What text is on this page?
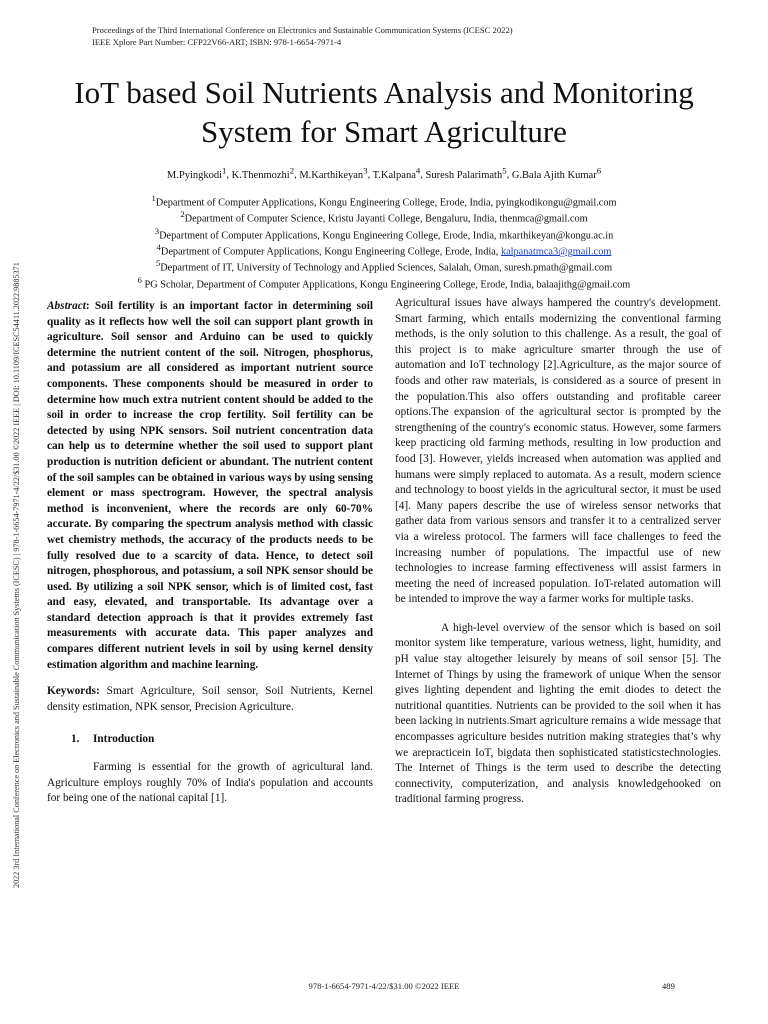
Proceedings of the Third International Conference on Electronics and Sustainable Communication Systems (ICESC 2022)
IEEE Xplore Part Number: CFP22V66-ART; ISBN: 978-1-6654-7971-4
2022 3rd International Conference on Electronics and Sustainable Communication Systems (ICESC) | 978-1-6654-7971-4/22/$31.00 ©2022 IEEE | DOI: 10.1109/ICESC54411.2022.9885371
IoT based Soil Nutrients Analysis and Monitoring
System for Smart Agriculture
M.Pyingkodi$^1$, K.Thenmozhi$^2$, M.Karthikeyan$^3$, T.Kalpana$^4$, Suresh Palarimath$^5$, G.Bala Ajith Kumar$^6$
$^1$Department of Computer Applications, Kongu Engineering College, Erode, India, pyingkodikongu@gmail.com
$^2$Department of Computer Science, Kristu Jayanti College, Bengaluru, India, thenmca@gmail.com
$^3$Department of Computer Applications, Kongu Engineering College, Erode, India, mkarthikeyan@kongu.ac.in
$^4$Department of Computer Applications, Kongu Engineering College, Erode, India, kalpanatmca3@gmail.com
$^5$Department of IT, University of Technology and Applied Sciences, Salalah, Oman, suresh.pmath@gmail.com
$^6$ PG Scholar, Department of Computer Applications, Kongu Engineering College, Erode, India, balaajithg@gmail.com

Abstract: Soil fertility is an important factor in determining soil quality as it reflects how well the soil can support plant growth in agriculture. Soil sensor and Arduino can be used to quickly determine the nutrient content of the soil. Nitrogen, phosphorus, and potassium are all considered as important nutrient source components. These components should be measured in order to determine how much extra nutrient content should be added to the soil in order to increase the crop fertility. Soil fertility can be detected by using NPK sensors. Soil nutrient concentration data can help us to determine whether the soil used to support plant production is nutrition deficient or abundant. The nutrient content of the soil samples can be obtained in various ways by using sensing element or mass spectrogram. However, the spectral analysis method is inconvenient, where the records are only 60-70% accurate. By comparing the spectrum analysis method with classic wet chemistry methods, the accuracy of the products needs to be fully resolved due to a scarcity of data. Hence, to detect soil nitrogen, phosphorous, and potassium, a soil NPK sensor should be used. By utilizing a soil NPK sensor, which is of limited cost, fast and easy, elevated, and transportable. Its advantage over a standard detection approach is that it provides extremely fast measurements with accurate data. This paper analyzes and compares different nutrient levels in soil by using kernel density estimation algorithm and machine learning.

Keywords: Smart Agriculture, Soil sensor, Soil Nutrients, Kernel density estimation, NPK sensor, Precision Agriculture.

1. Introduction

Farming is essential for the growth of agricultural land. Agriculture employs roughly 70% of India's population and accounts for being one of the national capital [1].

Agricultural issues have always hampered the country's development. Smart farming, which entails modernizing the conventional farming methods, is the only solution to this challenge. As a result, the goal of this project is to make agriculture smarter through the use of automation and IoT technology [2].Agriculture, as the major source of foods and other raw materials, is considered as a source of present in the population.This also offers outstanding and profitable career options.The expansion of the agricultural sector is prompted by the strengthening of the country's economic status. However, some farmers keep practicing old farming methods, resulting in low production and food [3]. However, yields increased when automation was applied and humans were simply replaced to automata. As a result, modern science and technology to boost yields in the agricultural sector, it must be used [4]. Many papers describe the use of wireless sensor networks that gather data from various sensors and transfer it to a centralized server via a wireless protocol. The farmers will face challenges to feed the increasing number of populations. The impactful use of new technologies to increase farming effectiveness will assist farmers in meeting the need of increased population. IoT-related automation will be intended to improve the way a farmer works for multiple tasks.

A high-level overview of the sensor which is based on soil monitor system like temperature, various wetness, light, humidity, and pH value stay altogether leisurely by means of soil sensor [5]. The Internet of Things by using the framework of unique When the sensor gives lighting dependent and lighting the emit diodes to detect the nutritional quantities. Nutrients can be provided to the soil when it has been lacking in nutrients.Smart agriculture remains a wide message that encompasses agriculture besides nutrition making strategies that’s why we arepracticein IoT, bigdata then sophisticated statisticstechnologies. The Internet of Things is the term used to describe the detecting connectivity, computerization, and analysis knowledgehooked on traditional farming progress.

978-1-6654-7971-4/22/$31.00 ©2022 IEEE	489
